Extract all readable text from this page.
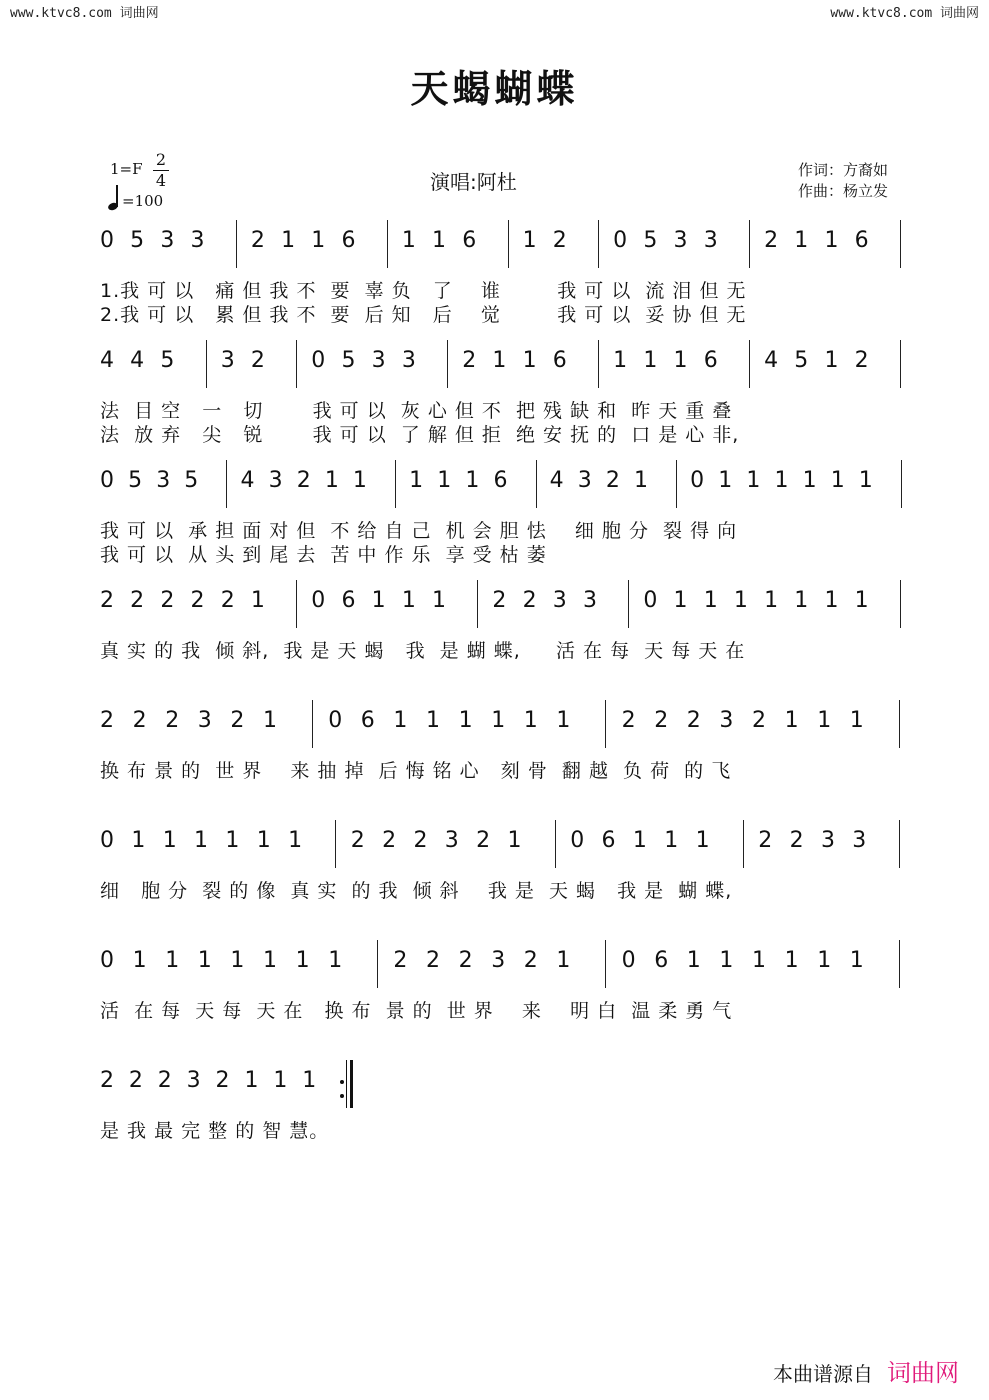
www.ktvc8.com 词曲网	www.ktvc8.com 词曲网
天蝎蝴蝶
1=F 2
4
=100
演唱:阿杜	作词：方裔如
作曲：杨立发
0 5 3 3 2 1 1 6 1 1 6 1 2 0 5 3 3 2 1 1 6
1.我 可 以   痛 但 我 不  要  辜 负   了    谁        我 可 以  流 泪 但 无
2.我 可 以   累 但 我 不  要  后 知   后    觉        我 可 以  妥 协 但 无
4 4 5 3 2 0 5 3 3 2 1 1 6 1 1 1 6 4 5 1 2
法  目 空   一   切       我 可 以  灰 心 但 不  把 残 缺 和  昨 天 重 叠
法  放 弃   尖   锐       我 可 以  了 解 但 拒  绝 安 抚 的  口 是 心 非,
0 5 3 5 4 3 2 1 1 1 1 1 6 4 3 2 1 0 1 1 1 1 1 1
我 可 以  承 担 面 对 但  不 给 自 己  机 会 胆 怯    细 胞 分  裂 得 向
我 可 以  从 头 到 尾 去  苦 中 作 乐  享 受 枯 萎
2 2 2 2 2 1 0 6 1 1 1 2 2 3 3 0 1 1 1 1 1 1 1
真 实 的 我  倾 斜,  我 是 天 蝎   我  是 蝴 蝶,     活 在 每  天 每 天 在
2 2 2 3 2 1 0 6 1 1 1 1 1 1 2 2 2 3 2 1 1 1
换 布 景 的  世 界    来 抽 掉  后 悔 铭 心   刻 骨  翻 越  负 荷  的 飞
0 1 1 1 1 1 1 2 2 2 3 2 1 0 6 1 1 1 2 2 3 3
细   胞 分  裂 的 像  真 实  的 我  倾 斜    我 是  天 蝎   我 是  蝴 蝶,
0 1 1 1 1 1 1 1 2 2 2 3 2 1 0 6 1 1 1 1 1 1
活  在 每  天 每  天 在   换 布  景 的  世 界    来    明 白  温 柔 勇 气
2 2 2 3 2 1 1 1
是 我 最 完 整 的 智 慧。
本曲谱源自 词曲网
